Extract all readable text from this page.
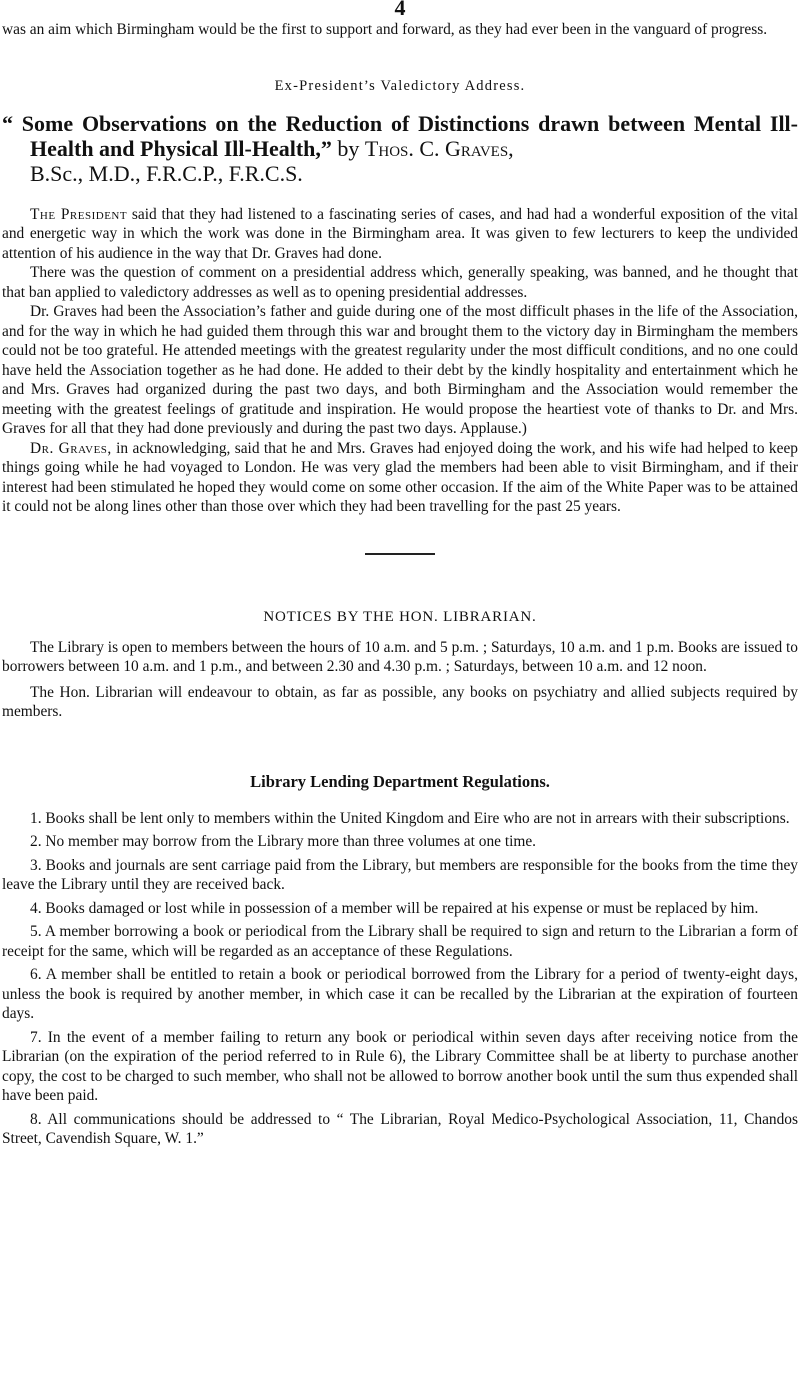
4

was an aim which Birmingham would be the first to support and forward, as they had ever been in the vanguard of progress.

Ex-President’s Valedictory Address.
“ Some Observations on the Reduction of Distinctions drawn between Mental Ill-Health and Physical Ill-Health,” by Thos. C. Graves,
B.Sc., M.D., F.R.C.P., F.R.C.S.

The President said that they had listened to a fascinating series of cases, and had had a wonderful exposition of the vital and energetic way in which the work was done in the Birmingham area. It was given to few lecturers to keep the undivided attention of his audience in the way that Dr. Graves had done.

There was the question of comment on a presidential address which, generally speaking, was banned, and he thought that that ban applied to valedictory addresses as well as to opening presidential addresses.

Dr. Graves had been the Association’s father and guide during one of the most difficult phases in the life of the Association, and for the way in which he had guided them through this war and brought them to the victory day in Birmingham the members could not be too grateful. He attended meetings with the greatest regularity under the most difficult conditions, and no one could have held the Association together as he had done. He added to their debt by the kindly hospitality and entertainment which he and Mrs. Graves had organized during the past two days, and both Birmingham and the Association would remember the meeting with the greatest feelings of gratitude and inspiration. He would propose the heartiest vote of thanks to Dr. and Mrs. Graves for all that they had done previously and during the past two days. Applause.)

Dr. Graves, in acknowledging, said that he and Mrs. Graves had enjoyed doing the work, and his wife had helped to keep things going while he had voyaged to London. He was very glad the members had been able to visit Birmingham, and if their interest had been stimulated he hoped they would come on some other occasion. If the aim of the White Paper was to be attained it could not be along lines other than those over which they had been travelling for the past 25 years.

NOTICES BY THE HON. LIBRARIAN.

The Library is open to members between the hours of 10 a.m. and 5 p.m. ; Saturdays, 10 a.m. and 1 p.m. Books are issued to borrowers between 10 a.m. and 1 p.m., and between 2.30 and 4.30 p.m. ; Saturdays, between 10 a.m. and 12 noon.

The Hon. Librarian will endeavour to obtain, as far as possible, any books on psychiatry and allied subjects required by members.

Library Lending Department Regulations.

1. Books shall be lent only to members within the United Kingdom and Eire who are not in arrears with their subscriptions.

2. No member may borrow from the Library more than three volumes at one time.

3. Books and journals are sent carriage paid from the Library, but members are responsible for the books from the time they leave the Library until they are received back.

4. Books damaged or lost while in possession of a member will be repaired at his expense or must be replaced by him.

5. A member borrowing a book or periodical from the Library shall be required to sign and return to the Librarian a form of receipt for the same, which will be regarded as an acceptance of these Regulations.

6. A member shall be entitled to retain a book or periodical borrowed from the Library for a period of twenty-eight days, unless the book is required by another member, in which case it can be recalled by the Librarian at the expiration of fourteen days.

7. In the event of a member failing to return any book or periodical within seven days after receiving notice from the Librarian (on the expiration of the period referred to in Rule 6), the Library Committee shall be at liberty to purchase another copy, the cost to be charged to such member, who shall not be allowed to borrow another book until the sum thus expended shall have been paid.

8. All communications should be addressed to “ The Librarian, Royal Medico-Psychological Association, 11, Chandos Street, Cavendish Square, W. 1.”
